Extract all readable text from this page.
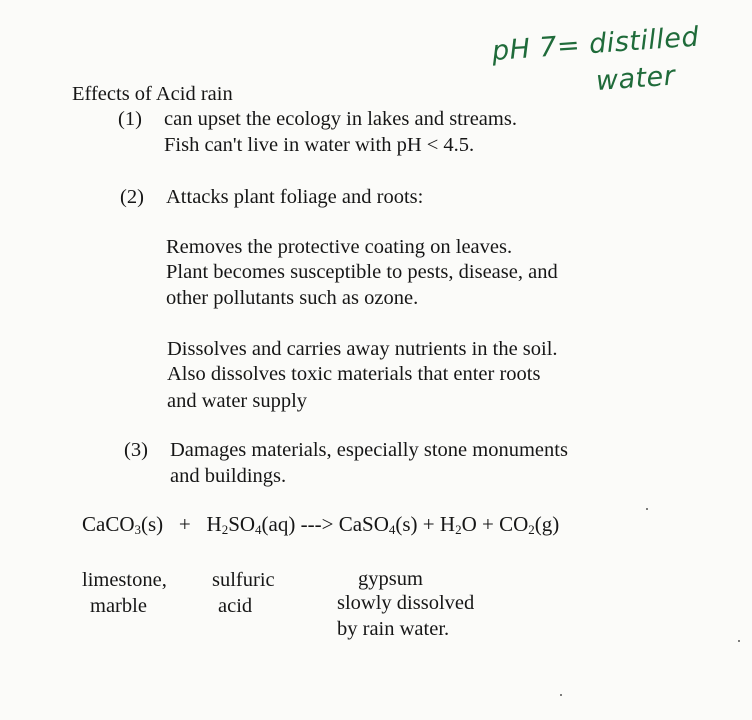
pH 7= distilled
water
Effects of Acid rain
(1) can upset the ecology in lakes and streams.
Fish can't live in water with pH < 4.5.
(2) Attacks plant foliage and roots:
Removes the protective coating on leaves.
Plant becomes susceptible to pests, disease, and
other pollutants such as ozone.
Dissolves and carries away nutrients in the soil.
Also dissolves toxic materials that enter roots
and water supply
(3) Damages materials, especially stone monuments
and buildings.
CaCO$_3$(s) + $H_2SO_4(aq)$ ---> CaSO$_4$(s) + $H_2O + CO_2(g)$
limestone,
marble
sulfuric
acid
gypsum
slowly dissolved
by rain water.
